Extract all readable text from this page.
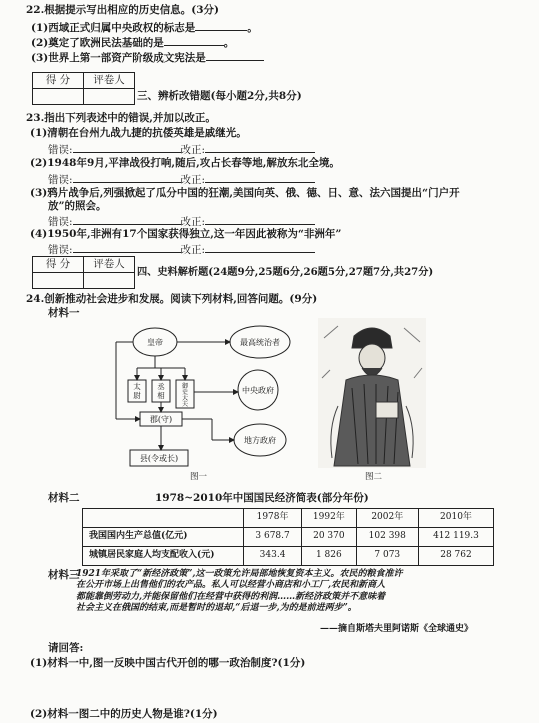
22.根据提示写出相应的历史信息。(3分)
(1)西域正式归属中央政权的标志是	。
(2)奠定了欧洲民法基础的是	。
(3)世界上第一部资产阶级成文宪法是
得 分	评卷人

三、辨析改错题(每小题2分,共8分)
23.指出下列表述中的错误,并加以改正。
(1)清朝在台州九战九捷的抗倭英雄是戚继光。
错误:	改正:
(2)1948年9月,平津战役打响,随后,攻占长春等地,解放东北全境。
错误:	改正:
(3)鸦片战争后,列强掀起了瓜分中国的狂潮,美国向英、俄、德、日、意、法六国提出“门户开
放”的照会。
错误:	改正:
(4)1950年,非洲有17个国家获得独立,这一年因此被称为“非洲年”
错误:	改正:
得 分	评卷人

四、史料解析题(24题9分,25题6分,26题5分,27题7分,共27分)
24.创新推动社会进步和发展。阅读下列材料,回答问题。(9分)
材料一
皇帝	最高统治者
中央政府
地方政府
郡(守)
县(令或长)
太尉
丞相
御史大夫
图一	图二
材料二	1978~2010年中国国民经济简表(部分年份)
	1978年	1992年	2002年	2010年
我国国内生产总值(亿元)	3 678.7	20 370	102 398	412 119.3
城镇居民家庭人均支配收入(元)	343.4	1 826	7 073	28 762
材料三
1921年采取了“新经济政策”,这一政策允许局部地恢复资本主义。农民的粮食准许
在公开市场上出售他们的农产品。私人可以经营小商店和小工厂,农民和新商人
都能靠倒劳动力,并能保留他们在经营中获得的利润……新经济政策并不意味着
社会主义在俄国的结束,而是暂时的退却,“后退一步,为的是前进两步”。
——摘自斯塔夫里阿诺斯《全球通史》
请回答:
(1)材料一中,图一反映中国古代开创的哪一政治制度?(1分)
(2)材料一图二中的历史人物是谁?(1分)
